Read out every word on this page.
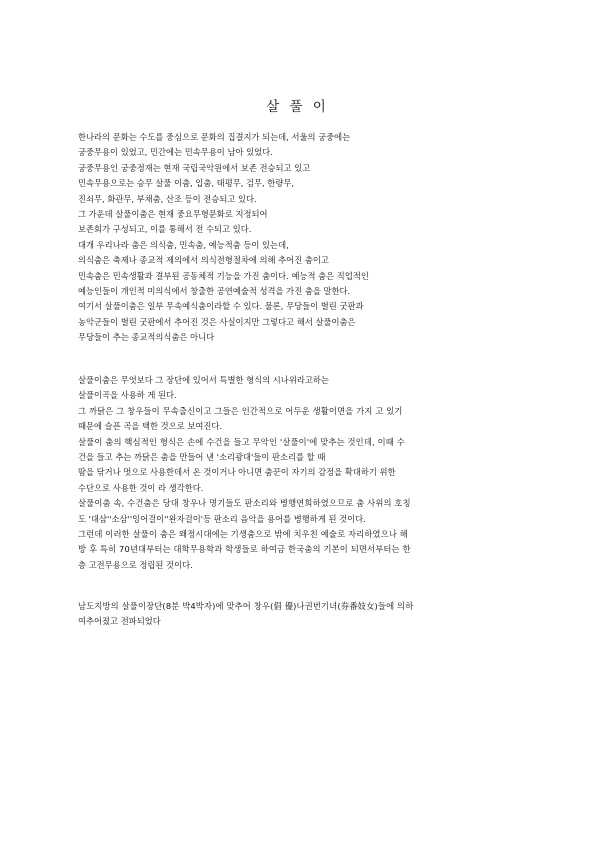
살 풀 이
한나라의 문화는 수도를 중심으로 문화의 집결지가 되는데, 서울의 궁중에는
궁중무용이 있었고, 민간에는 민속무용이 남아 있었다.
궁중무용인 궁중정재는 현재 국립국악원에서 보존 전승되고 있고
민속무용으로는 승무 살풀 이춤, 입춤, 태평무, 검무, 한량무,
진쇠무, 화관무, 부채춤, 산조 등이 전승되고 있다.
그 가운데 살풀이춤은 현재 중요무형문화로 지정되어
보존회가 구성되고, 이를 통해서 전 수되고 있다.
대개 우리나라 춤은 의식춤, 민속춤, 예능적춤 등이 있는데,
의식춤은 축제나 종교적 제의에서 의식전형절차에 의해 추어진 춤이고
민속춤은 민속생활과 결부된 공동체적 기능을 가진 춤이다. 예능적 춤은 직업적인
예능인들이 개인적 미의식에서 창출한 공연예술적 성격을 가진 춤을 말한다.
여기서 살풀이춤은 일부 무속예식춤이라할 수 있다. 물론, 무당들이 벌린 굿판과
농악군들이 벌린 굿판에서 추어진 것은 사실이지만 그렇다고 해서 살풀이춤은
무당들이 추는 종교적의식춤은 아니다
살풀이춤은 무엇보다 그 장단에 있어서 특별한 형식의 시나위라고하는
살풀이곡을 사용하 게 된다.
그 까닭은 그 창우들이 무속출신이고 그들은 인간적으로 어두운 생활이면을 가지 고 있기
때문에 슬픈 곡을 택한 것으로 보여진다.
살풀이 춤의 핵심적인 형식은 손에 수건을 들고 무악인 '살풀이'에 맞추는 것인데, 이때 수
건을 들고 추는 까닭은 춤을 만들어 낸 '소리광대'들이 판소리를 할 때
땀을 닦거나 멋으로 사용한데서 온 것이거나 아니면 춤꾼이 자기의 감정을 확대하기 위한
수단으로 사용한 것이 라 생각한다.
살풀이춤 속, 수건춤은 당대 창우나 명기들도 판소리와 병행연희하였으므로 춤 사위의 호칭
도 '대삼''소삼''잉어걸이''완자걸이'등 판소리 음악을 용어를 병행하게 된 것이다.
그런데 이러한 살풀이 춤은 왜정시대에는 기생춤으로 밖에 치우친 예술로 자리하였으나 해
방 후 특히 70년대부터는 대학무용학과 학생들로 하여금 한국춤의 기본이 되면서부터는 한
층 고전무용으로 정립된 것이다.
남도지방의 살풀이장단(8분 박4박자)에 맞추어 창우(倡 優)나권번기녀(券番妓女)들에 의하
여추어졌고 전파되었다
